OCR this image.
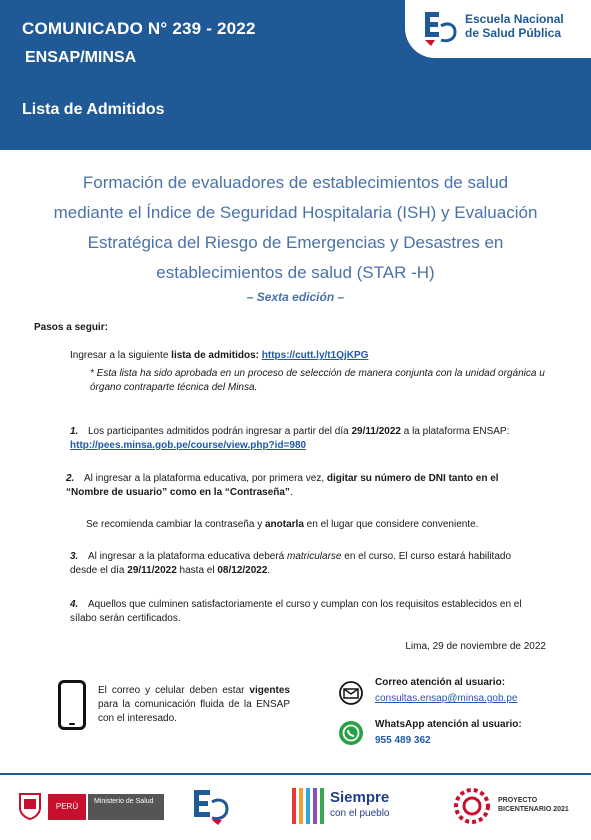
COMUNICADO N° 239 - 2022
ENSAP/MINSA
Lista de Admitidos
Escuela Nacional
de Salud Pública
Formación de evaluadores de establecimientos de salud
mediante el Índice de Seguridad Hospitalaria (ISH) y Evaluación
Estratégica del Riesgo de Emergencias y Desastres en
establecimientos de salud (STAR -H)
– Sexta edición –
Pasos a seguir:
Ingresar a la siguiente lista de admitidos: https://cutt.ly/t1QjKPG
* Esta lista ha sido aprobada en un proceso de selección de manera conjunta con la unidad orgánica u órgano contraparte técnica del Minsa.
1. Los participantes admitidos podrán ingresar a partir del día 29/11/2022 a la plataforma ENSAP:    http://pees.minsa.gob.pe/course/view.php?id=980
2. Al ingresar a la plataforma educativa, por primera vez, digitar su número de DNI tanto en el “Nombre de usuario” como en la “Contraseña”.
Se recomienda cambiar la contraseña y anotarla en el lugar que considere conveniente.
3. Al ingresar a la plataforma educativa deberá matricularse en el curso. El curso estará habilitado desde el día 29/11/2022 hasta el 08/12/2022.
4. Aquellos que culminen satisfactoriamente el curso y cumplan con los requisitos establecidos en el sílabo serán certificados.
Lima, 29 de noviembre de 2022
El correo y celular deben estar vigentes para la comunicación fluida de la ENSAP con el interesado.
Correo atención al usuario:
consultas.ensap@minsa.gob.pe
WhatsApp atención al usuario:
955 489 362
PERÚ
Ministerio de Salud	Siempre
con el pueblo
PROYECTO
BICENTENARIO 2021
